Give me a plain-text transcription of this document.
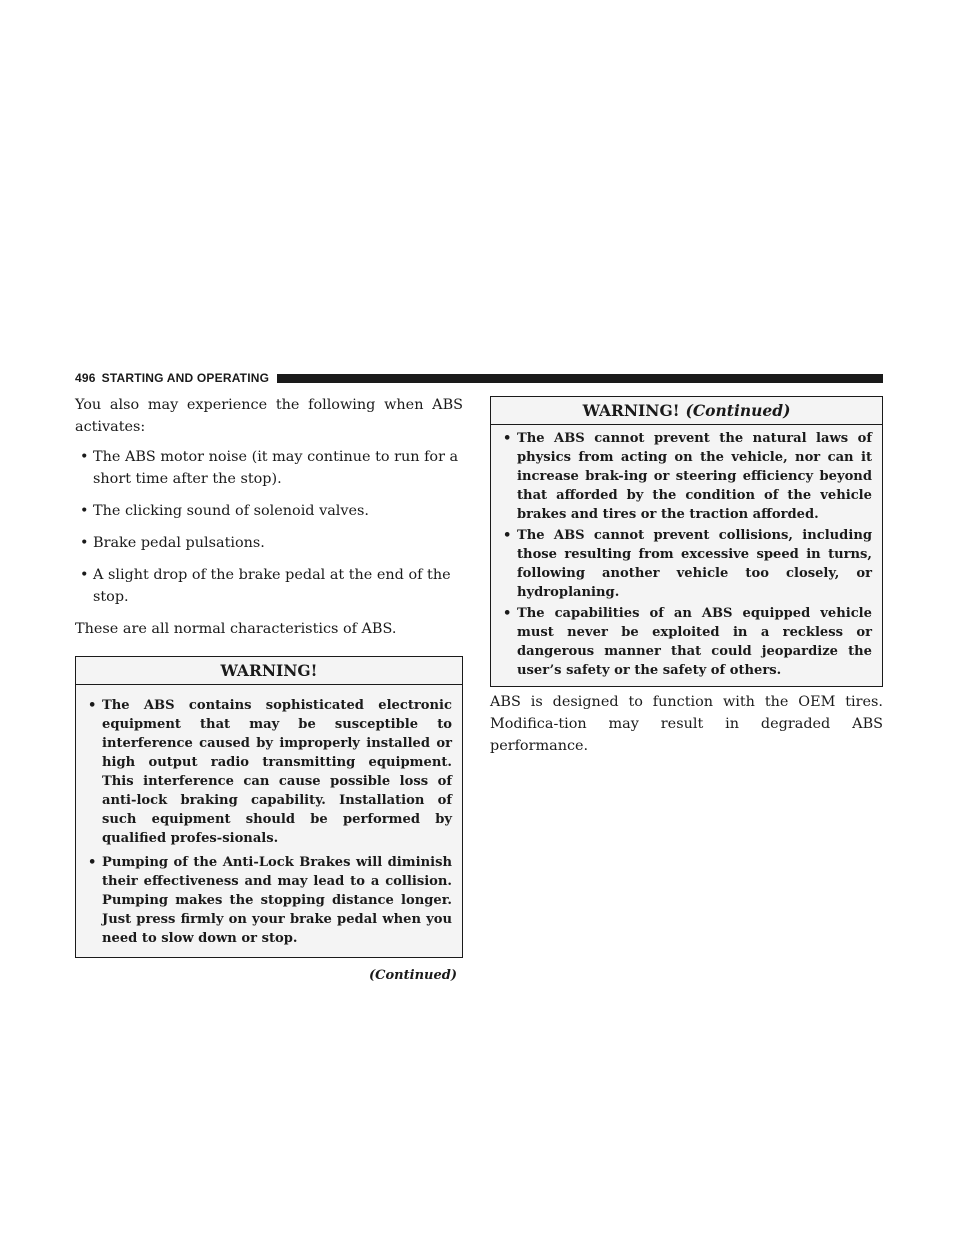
496 STARTING AND OPERATING

You also may experience the following when ABS activates:

• The ABS motor noise (it may continue to run for a short time after the stop).
• The clicking sound of solenoid valves.
• Brake pedal pulsations.
• A slight drop of the brake pedal at the end of the stop.

These are all normal characteristics of ABS.

WARNING!
• The ABS contains sophisticated electronic equipment that may be susceptible to interference caused by improperly installed or high output radio transmitting equipment. This interference can cause possible loss of anti-lock braking capability. Installation of such equipment should be performed by qualified profes-sionals.
• Pumping of the Anti-Lock Brakes will diminish their effectiveness and may lead to a collision. Pumping makes the stopping distance longer. Just press firmly on your brake pedal when you need to slow down or stop.
(Continued)
WARNING! (Continued)
• The ABS cannot prevent the natural laws of physics from acting on the vehicle, nor can it increase brak-ing or steering efficiency beyond that afforded by the condition of the vehicle brakes and tires or the traction afforded.
• The ABS cannot prevent collisions, including those resulting from excessive speed in turns, following another vehicle too closely, or hydroplaning.
• The capabilities of an ABS equipped vehicle must never be exploited in a reckless or dangerous manner that could jeopardize the user’s safety or the safety of others.

ABS is designed to function with the OEM tires. Modifica-tion may result in degraded ABS performance.
